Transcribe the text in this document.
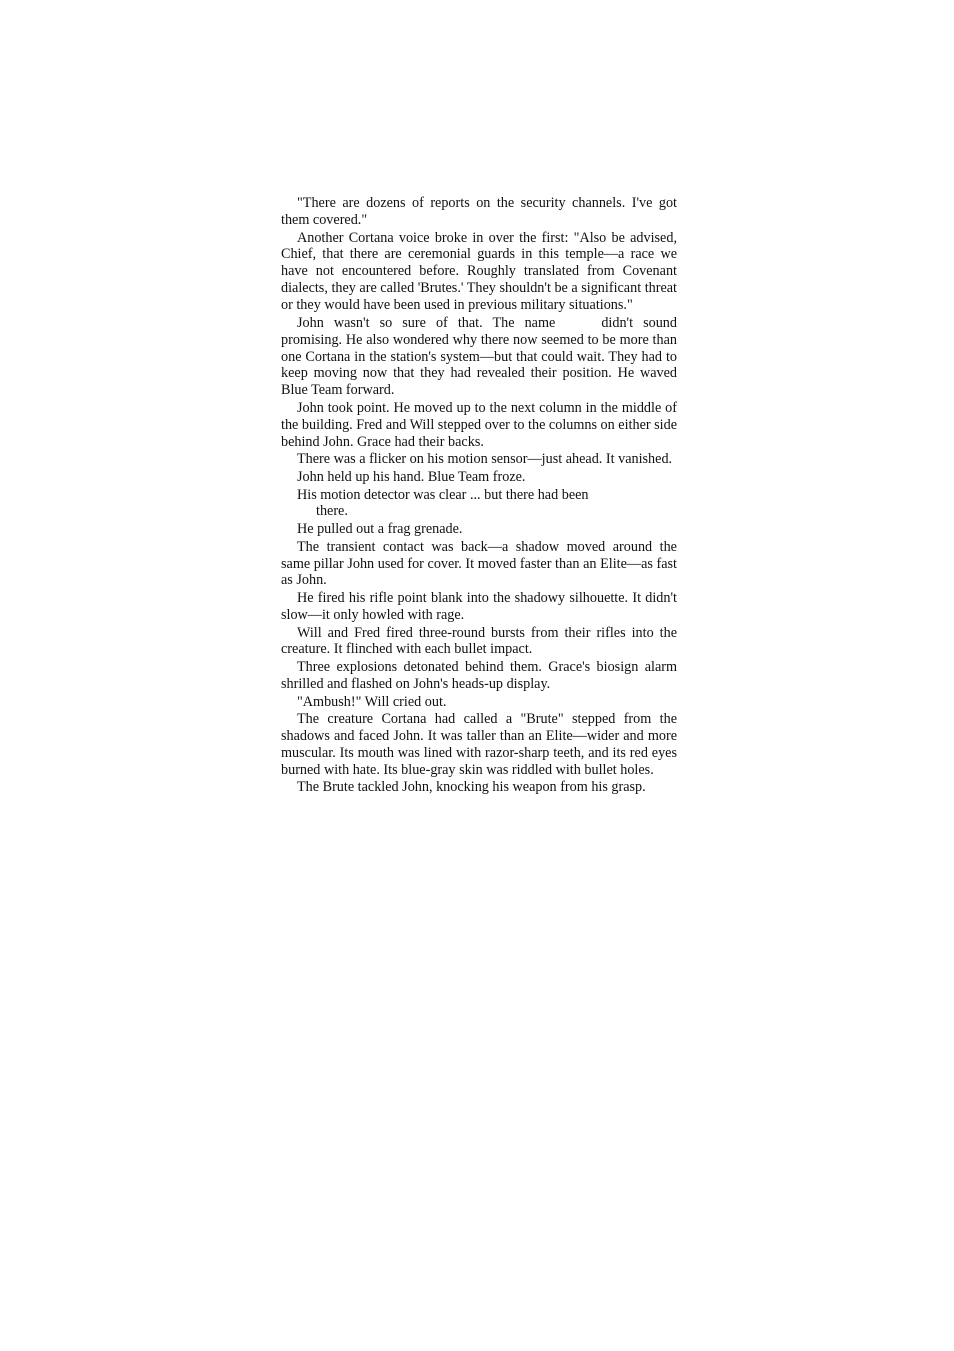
"There are dozens of reports on the security channels. I've got them covered."

Another Cortana voice broke in over the first: "Also be advised, Chief, that there are ceremonial guards in this temple—a race we have not encountered before. Roughly translated from Covenant dialects, they are called 'Brutes.' They shouldn't be a significant threat or they would have been used in previous military situations."

John wasn't so sure of that. The name	didn't sound promising. He also wondered why there now seemed to be more than one Cortana in the station's system—but that could wait. They had to keep moving now that they had revealed their position. He waved Blue Team forward.

John took point. He moved up to the next column in the middle of the building. Fred and Will stepped over to the columns on either side behind John. Grace had their backs.

There was a flicker on his motion sensor—just ahead. It vanished.

John held up his hand. Blue Team froze.

His motion detector was clear ... but there had been
there.

He pulled out a frag grenade.

The transient contact was back—a shadow moved around the same pillar John used for cover. It moved faster than an Elite—as fast as John.

He fired his rifle point blank into the shadowy silhouette. It didn't slow—it only howled with rage.

Will and Fred fired three-round bursts from their rifles into the creature. It flinched with each bullet impact.

Three explosions detonated behind them. Grace's biosign alarm shrilled and flashed on John's heads-up display.

"Ambush!" Will cried out.

The creature Cortana had called a "Brute" stepped from the shadows and faced John. It was taller than an Elite—wider and more muscular. Its mouth was lined with razor-sharp teeth, and its red eyes burned with hate. Its blue-gray skin was riddled with bullet holes.

The Brute tackled John, knocking his weapon from his grasp.
